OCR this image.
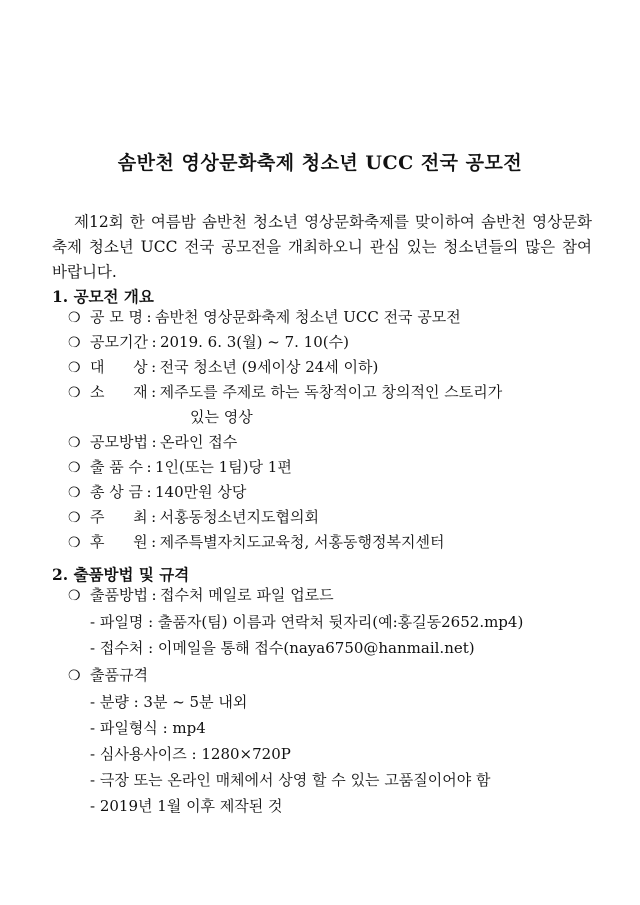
솜반천 영상문화축제 청소년 UCC 전국 공모전

제12회 한 여름밤 솜반천 청소년 영상문화축제를 맞이하여 솜반천 영상문화축제 청소년 UCC 전국 공모전을 개최하오니 관심 있는 청소년들의 많은 참여 바랍니다.

1. 공모전 개요
❍ 공 모 명:솜반천 영상문화축제 청소년 UCC 전국 공모전
❍ 공모기간:2019. 6. 3(월) ~ 7. 10(수)
❍ 대      상:전국 청소년 (9세이상 24세 이하)
❍ 소      재:제주도를 주제로 하는 독창적이고 창의적인 스토리가
있는 영상
❍ 공모방법:온라인 접수
❍ 출 품 수:1인(또는 1팀)당 1편
❍ 총 상 금:140만원 상당
❍ 주      최:서홍동청소년지도협의회
❍ 후      원:제주특별자치도교육청, 서홍동행정복지센터
2. 출품방법 및 규격
❍ 출품방법:접수처 메일로 파일 업로드
- 파일명 : 출품자(팀) 이름과 연락처 뒷자리(예:홍길동2652.mp4)
- 접수처 : 이메일을 통해 접수(naya6750@hanmail.net)
❍ 출품규격
- 분량 : 3분 ~ 5분 내외
- 파일형식 : mp4
- 심사용사이즈 : 1280×720P
- 극장 또는 온라인 매체에서 상영 할 수 있는 고품질이어야 함
- 2019년 1월 이후 제작된 것
